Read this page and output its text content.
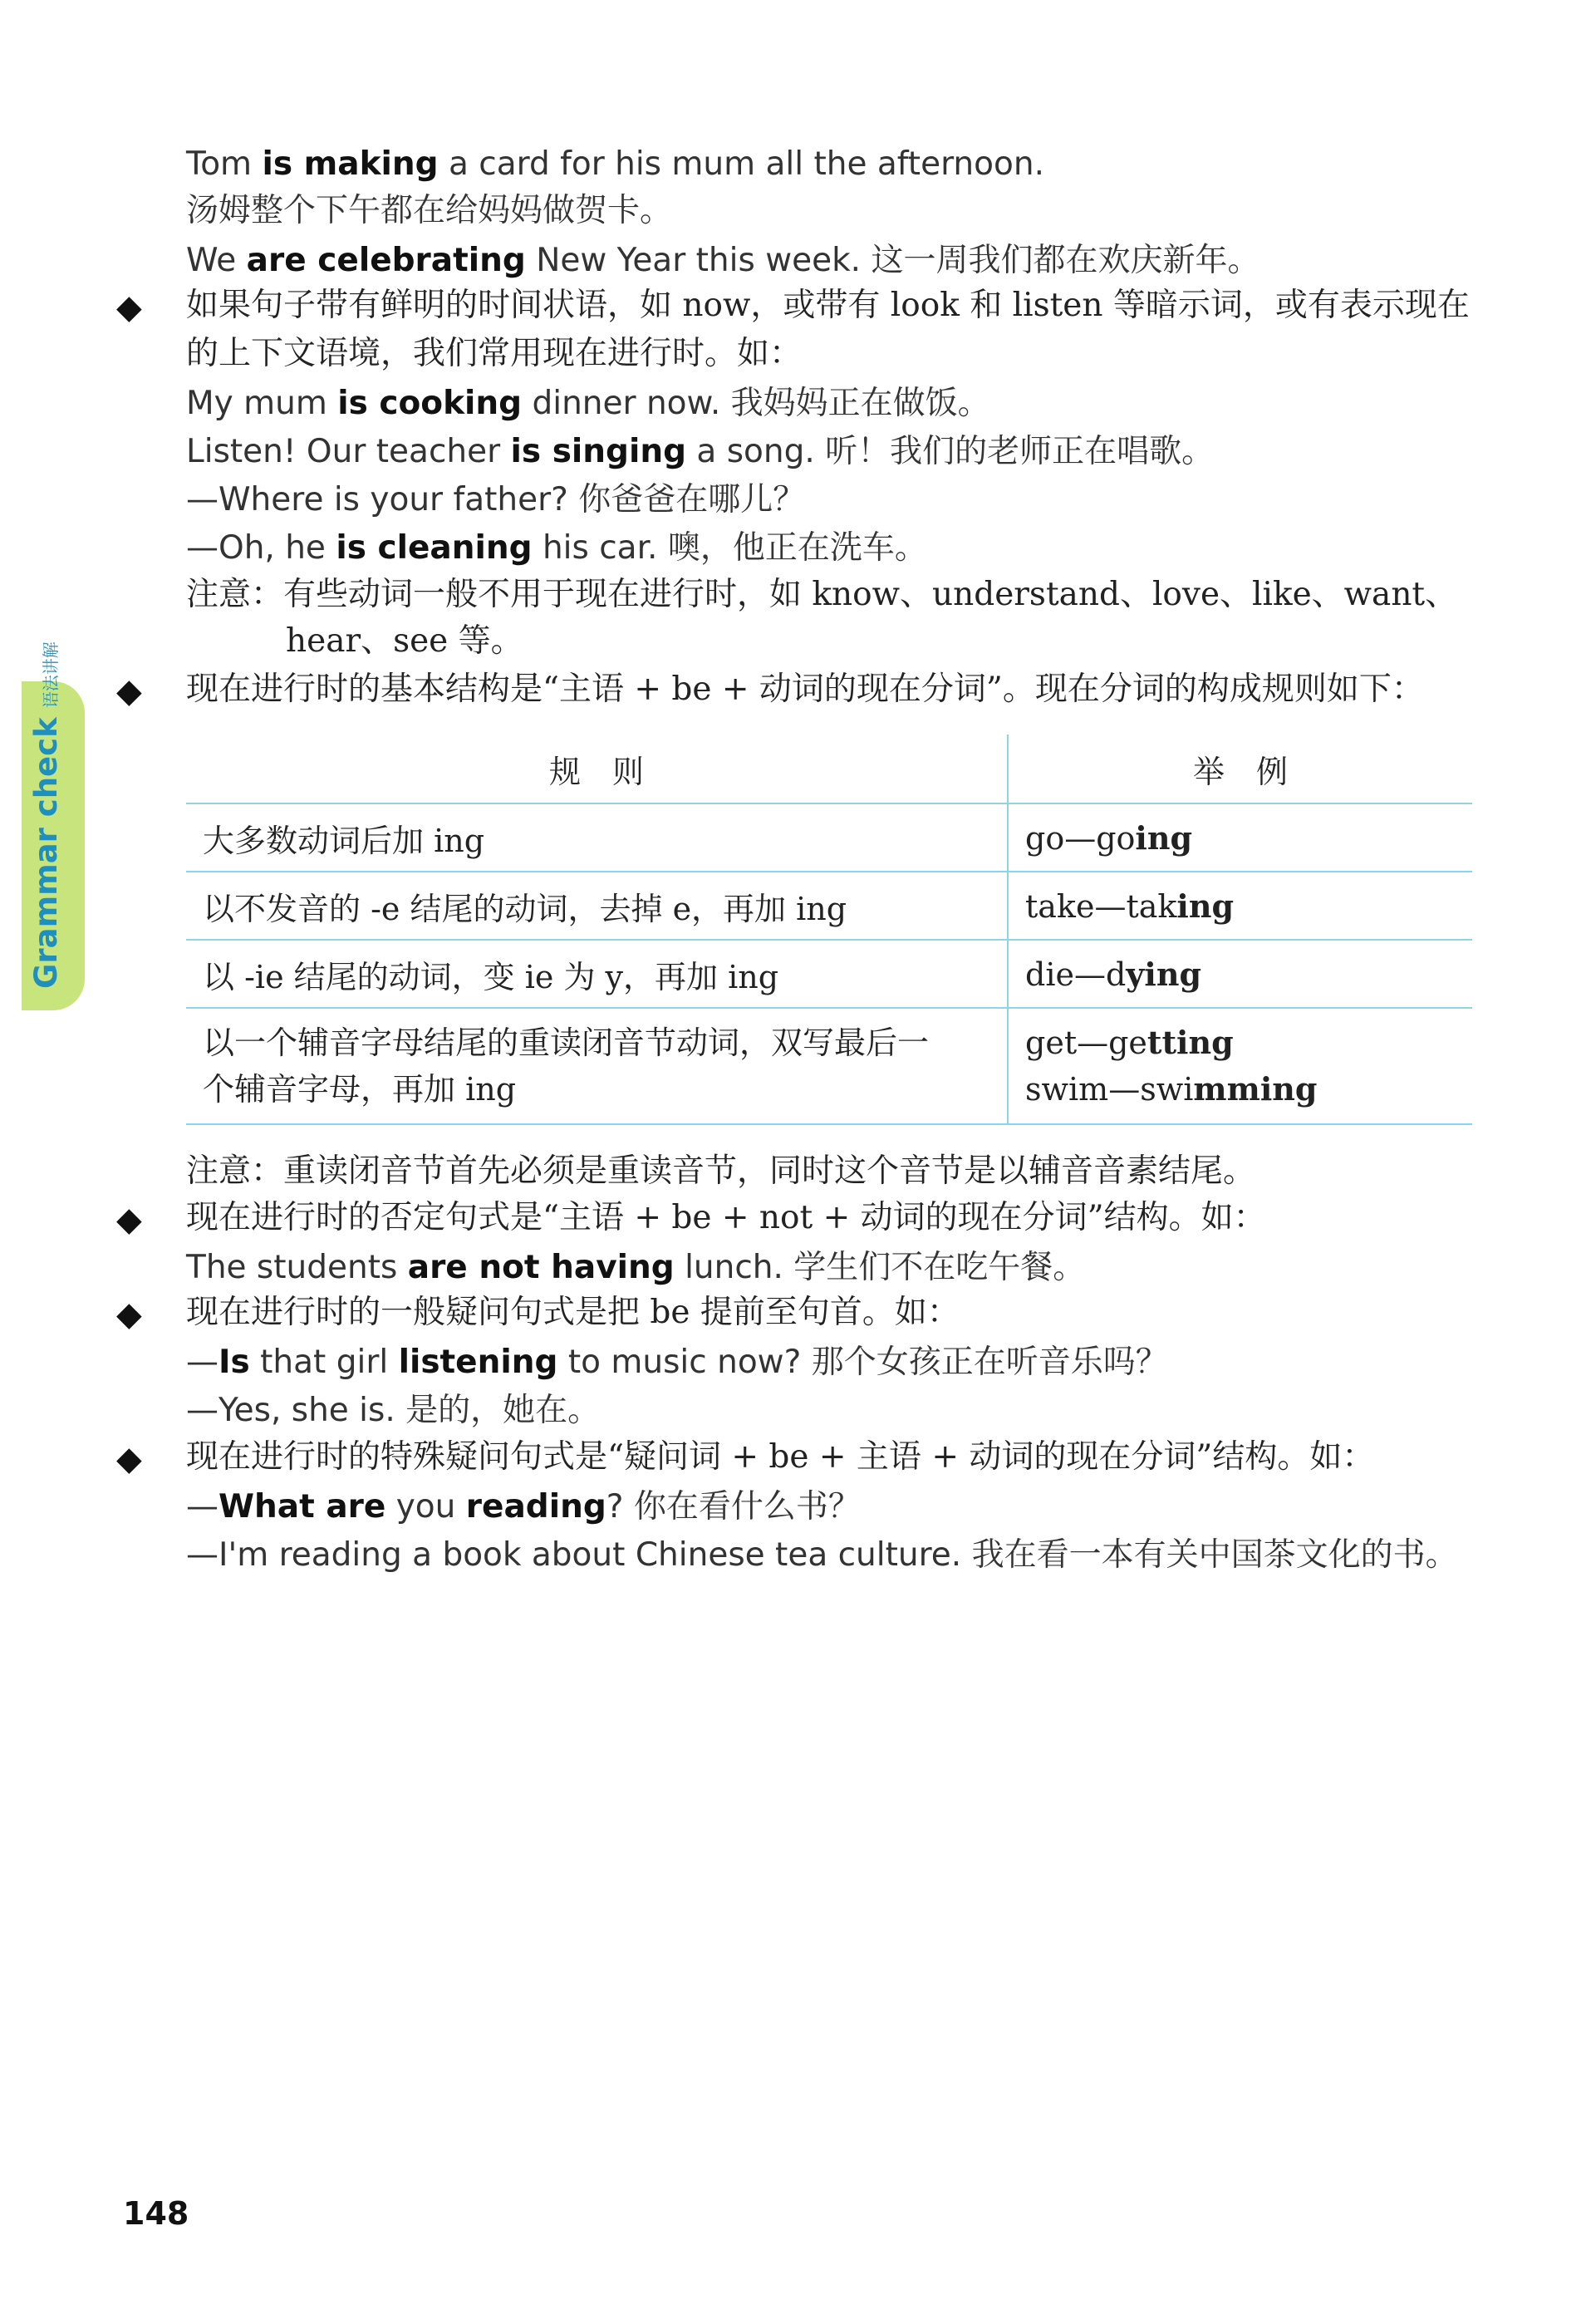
Grammar check 语法讲解
Tom is making a card for his mum all the afternoon.
汤姆整个下午都在给妈妈做贺卡。
We are celebrating New Year this week. 这一周我们都在欢庆新年。
◆ 如果句子带有鲜明的时间状语，如 now，或带有 look 和 listen 等暗示词，或有表示现在
的上下文语境，我们常用现在进行时。如：
My mum is cooking dinner now. 我妈妈正在做饭。
Listen! Our teacher is singing a song. 听！我们的老师正在唱歌。
—Where is your father? 你爸爸在哪儿？
—Oh, he is cleaning his car. 噢，他正在洗车。
注意：有些动词一般不用于现在进行时，如 know、understand、love、like、want、
hear、see 等。
◆ 现在进行时的基本结构是“主语 + be + 动词的现在分词”。现在分词的构成规则如下：
规　则	举　例
大多数动词后加 ing	go—going
以不发音的 -e 结尾的动词，去掉 e，再加 ing	take—taking
以 -ie 结尾的动词，变 ie 为 y，再加 ing	die—dying
以一个辅音字母结尾的重读闭音节动词，双写最后一
个辅音字母，再加 ing	get—getting
swim—swimming
注意：重读闭音节首先必须是重读音节，同时这个音节是以辅音音素结尾。
◆ 现在进行时的否定句式是“主语 + be + not + 动词的现在分词”结构。如：
The students are not having lunch. 学生们不在吃午餐。
◆ 现在进行时的一般疑问句式是把 be 提前至句首。如：
—Is that girl listening to music now? 那个女孩正在听音乐吗？
—Yes, she is. 是的，她在。
◆ 现在进行时的特殊疑问句式是“疑问词 + be + 主语 + 动词的现在分词”结构。如：
—What are you reading? 你在看什么书？
—I'm reading a book about Chinese tea culture. 我在看一本有关中国茶文化的书。
148
